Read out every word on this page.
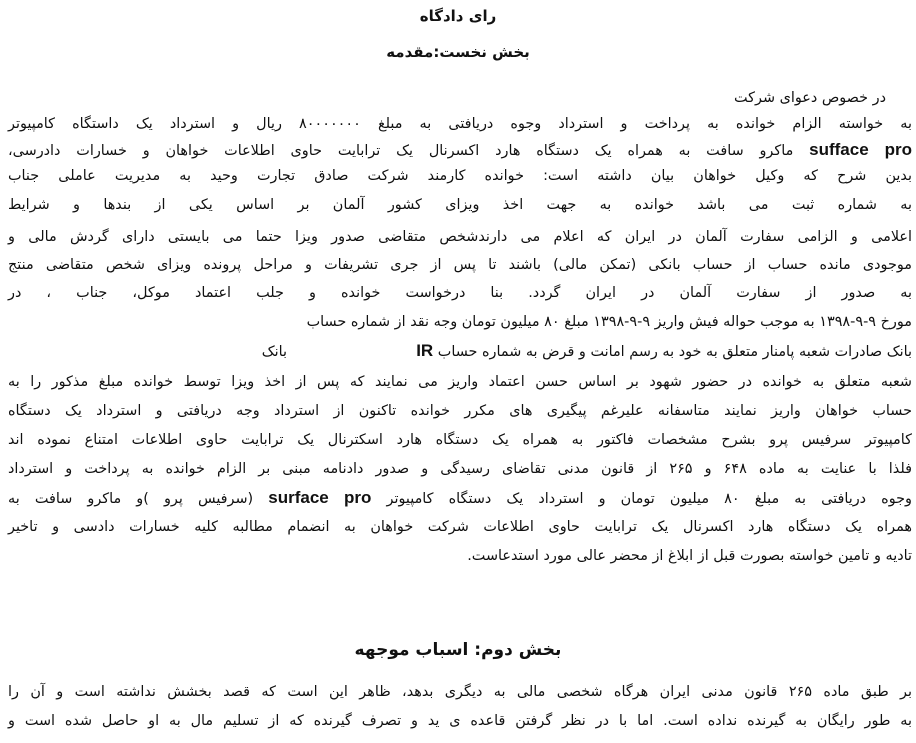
رای دادگاه
بخش نخست:مقدمه
در خصوص دعوای شرکت
به خواسته الزام خوانده به پرداخت و استرداد وجوه دریافتی به مبلغ ۸۰۰۰۰۰۰۰ ریال و استرداد یک داستگاه کامپیوتر
suffacе pro ماکرو سافت به همراه یک دستگاه هارد اکسرنال یک ترابایت حاوی اطلاعات خواهان و خسارات دادرسی،
بدین شرح که وکیل خواهان بیان داشته است: خوانده کارمند شرکت صادق تجارت وحید به مدیریت عاملی جناب
به شماره ثبت می باشد خوانده به جهت اخذ ویزای کشور آلمان بر اساس یکی از بندها و شرایط
اعلامی و الزامی سفارت آلمان در ایران که اعلام می دارندشخص متقاضی صدور ویزا حتما می بایستی دارای گردش مالی و
موجودی مانده حساب از حساب بانکی (تمکن مالی) باشند تا پس از جری تشریفات و مراحل پرونده ویزای شخص متقاضی منتج
به صدور از سفارت آلمان در ایران گردد. بنا درخواست خوانده و جلب اعتماد موکل، جناب ، در
مورخ ۹-۹-۱۳۹۸ به موجب حواله فیش واریز ۹-۹-۱۳۹۸ مبلغ ۸۰ میلیون تومان وجه نقد از شماره حساب
بانک صادرات شعبه پامنار متعلق به خود به رسم امانت و قرض به شماره حساب IR  بانک
شعبه متعلق به خوانده در حضور شهود بر اساس حسن اعتماد واریز می نمایند که پس از اخذ ویزا توسط خوانده مبلغ مذکور را به
حساب خواهان واریز نمایند متاسفانه علیرغم پیگیری های مکرر خوانده تاکنون از استرداد وجه دریافتی و استرداد یک دستگاه
کامپیوتر سرفیس پرو بشرح مشخصات فاکتور به همراه یک دستگاه هارد اسکترنال یک ترابایت حاوی اطلاعات امتناع نموده اند
فلذا با عنایت به ماده ۶۴۸ و ۲۶۵ از قانون مدنی تقاضای رسیدگی و صدور دادنامه مبنی بر الزام خوانده به پرداخت و استرداد
وجوه دریافتی به مبلغ ۸۰ میلیون تومان و استرداد یک دستگاه کامپیوتر surface pro (سرفیس پرو )و ماکرو سافت به
همراه یک دستگاه هارد اکسرنال یک ترابایت حاوی اطلاعات شرکت خواهان به انضمام مطالبه کلیه خسارات دادسی و تاخیر
تادیه و تامین خواسته بصورت قبل از ابلاغ از محضر عالی مورد استدعاست.
بخش دوم: اسباب موجهه
بر طبق ماده ۲۶۵ قانون مدنی ایران هرگاه شخصی مالی به دیگری بدهد، ظاهر این است که قصد بخشش نداشته است و آن را
به طور رایگان به گیرنده نداده است. اما با در نظر گرفتن قاعده ی ید و تصرف گیرنده که از تسلیم مال به او حاصل شده است و
